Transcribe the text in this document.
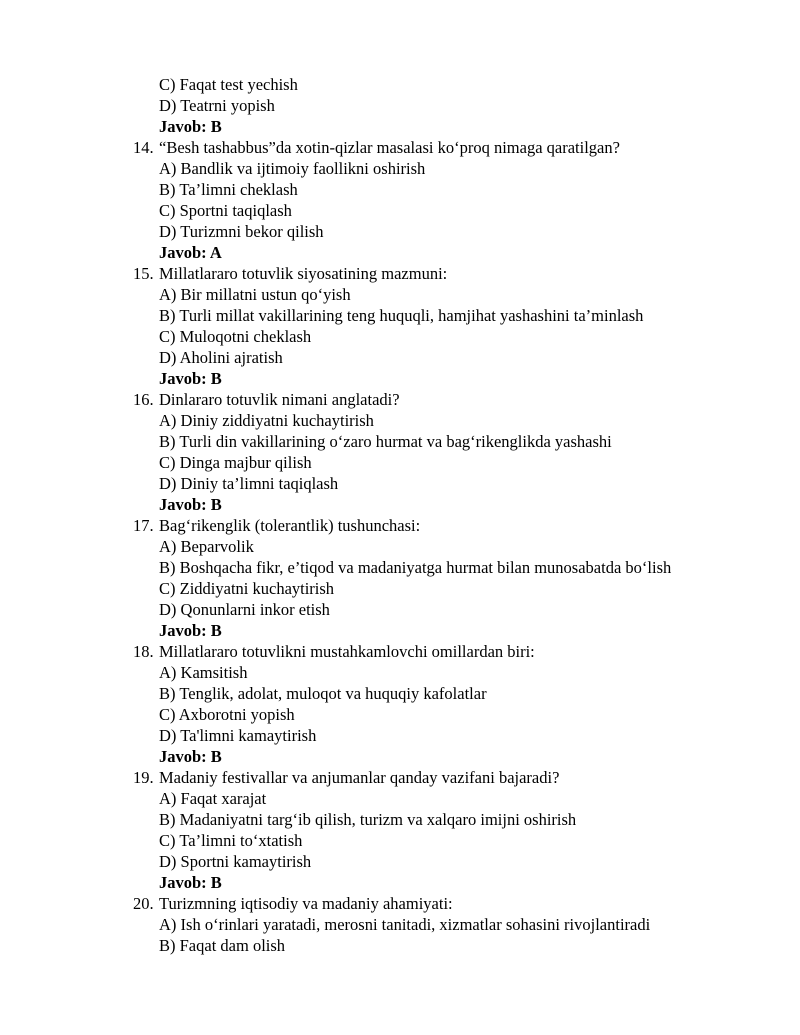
C) Faqat test yechish
D) Teatrni yopish
Javob: B
14. “Besh tashabbus”da xotin-qizlar masalasi ko‘proq nimaga qaratilgan?
A) Bandlik va ijtimoiy faollikni oshirish
B) Ta’limni cheklash
C) Sportni taqiqlash
D) Turizmni bekor qilish
Javob: A
15. Millatlararo totuvlik siyosatining mazmuni:
A) Bir millatni ustun qo‘yish
B) Turli millat vakillarining teng huquqli, hamjihat yashashini ta’minlash
C) Muloqotni cheklash
D) Aholini ajratish
Javob: B
16. Dinlararo totuvlik nimani anglatadi?
A) Diniy ziddiyatni kuchaytirish
B) Turli din vakillarining o‘zaro hurmat va bag‘rikenglikda yashashi
C) Dinga majbur qilish
D) Diniy ta’limni taqiqlash
Javob: B
17. Bag‘rikenglik (tolerantlik) tushunchasi:
A) Beparvolik
B) Boshqacha fikr, e’tiqod va madaniyatga hurmat bilan munosabatda bo‘lish
C) Ziddiyatni kuchaytirish
D) Qonunlarni inkor etish
Javob: B
18. Millatlararo totuvlikni mustahkamlovchi omillardan biri:
A) Kamsitish
B) Tenglik, adolat, muloqot va huquqiy kafolatlar
C) Axborotni yopish
D) Ta'limni kamaytirish
Javob: B
19. Madaniy festivallar va anjumanlar qanday vazifani bajaradi?
A) Faqat xarajat
B) Madaniyatni targ‘ib qilish, turizm va xalqaro imijni oshirish
C) Ta’limni to‘xtatish
D) Sportni kamaytirish
Javob: B
20. Turizmning iqtisodiy va madaniy ahamiyati:
A) Ish o‘rinlari yaratadi, merosni tanitadi, xizmatlar sohasini rivojlantiradi
B) Faqat dam olish
